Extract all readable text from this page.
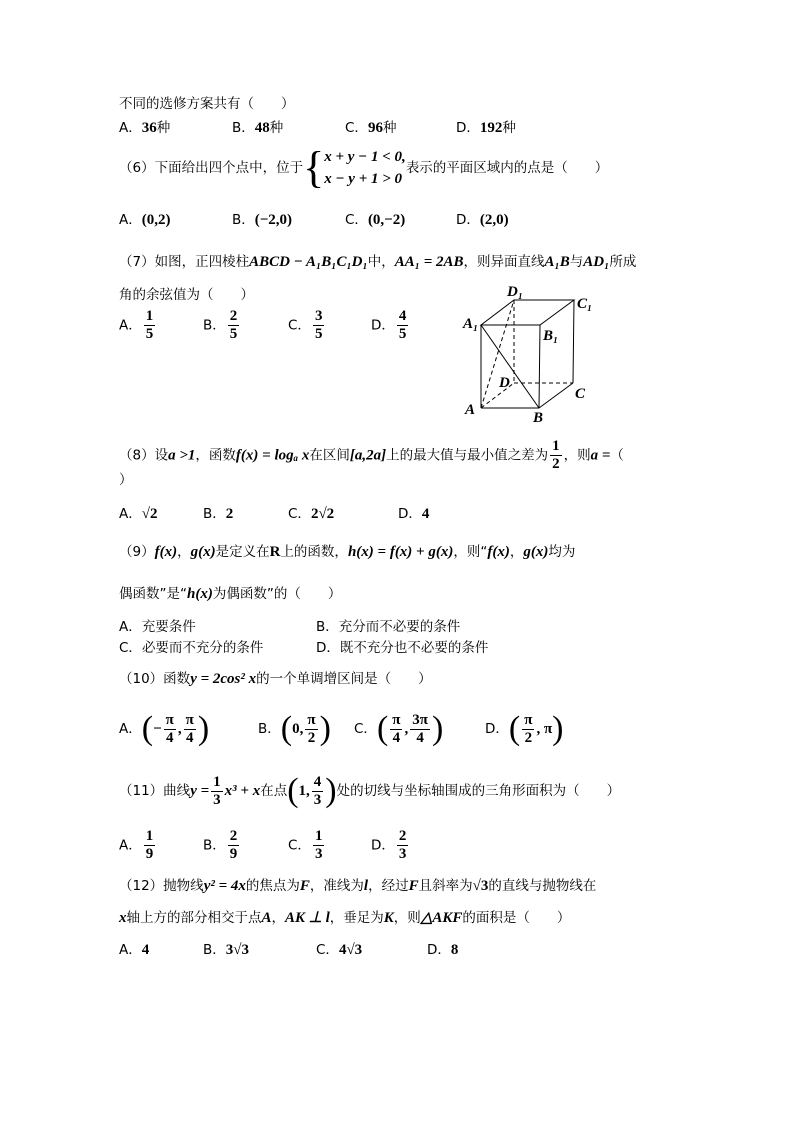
不同的选修方案共有（　　）
A．36种	B．48种	C．96种	D．192种
（6）下面给出四个点中，位于{ x + y − 1 < 0,
x − y + 1 > 0
表示的平面区域内的点是（　　）
A．(0,2)	B．(−2,0)	C．(0,−2)	D．(2,0)
（7）如图，正四棱柱ABCD − A₁B₁C₁D₁中，AA₁ = 2AB，则异面直线A₁B与AD₁所成
角的余弦值为（　　）
A． $\frac{1}{5}$	B． $\frac{2}{5}$	C． $\frac{3}{5}$	D． $\frac{4}{5}$
D₁
C₁
A₁
B₁
D
C
A	B
（8）设a >1，函数f(x) = logₐ x在区间[a,2a]上的最大值与最小值之差为 $\frac{1}{2}$ ，则a =（
）
A．√2	B．2	C．2√2	D．4
（9）f(x)，g(x)是定义在R上的函数，h(x) = f(x) + g(x)，则“f(x)，g(x)均为
偶函数”是“h(x)为偶函数”的（　　）
A．充要条件	B．充分而不必要的条件
C．必要而不充分的条件	D．既不充分也不必要的条件
（10）函数y = 2cos² x的一个单调增区间是（　　）
A．(− $\frac{\pi}{4}$ , $\frac{\pi}{4}$ )	B．(0, $\frac{\pi}{2}$ ) C．( $\frac{\pi}{4}$ , $\frac{3\pi}{4}$ )	D．( $\frac{\pi}{2}$ , π)
（11）曲线$y = \frac{1}{3} x^3 + x$在点(1, $\frac{4}{3}$ )处的切线与坐标轴围成的三角形面积为（　　）
A． $\frac{1}{9}$	B． $\frac{2}{9}$	C． $\frac{1}{3}$	D． $\frac{2}{3}$
（12）抛物线y² = 4x的焦点为F，准线为l，经过F且斜率为√3的直线与抛物线在
x轴上方的部分相交于点A，AK ⊥ l，垂足为K，则△AKF的面积是（　　）
A．4	B．3√3	C．4√3	D．8
